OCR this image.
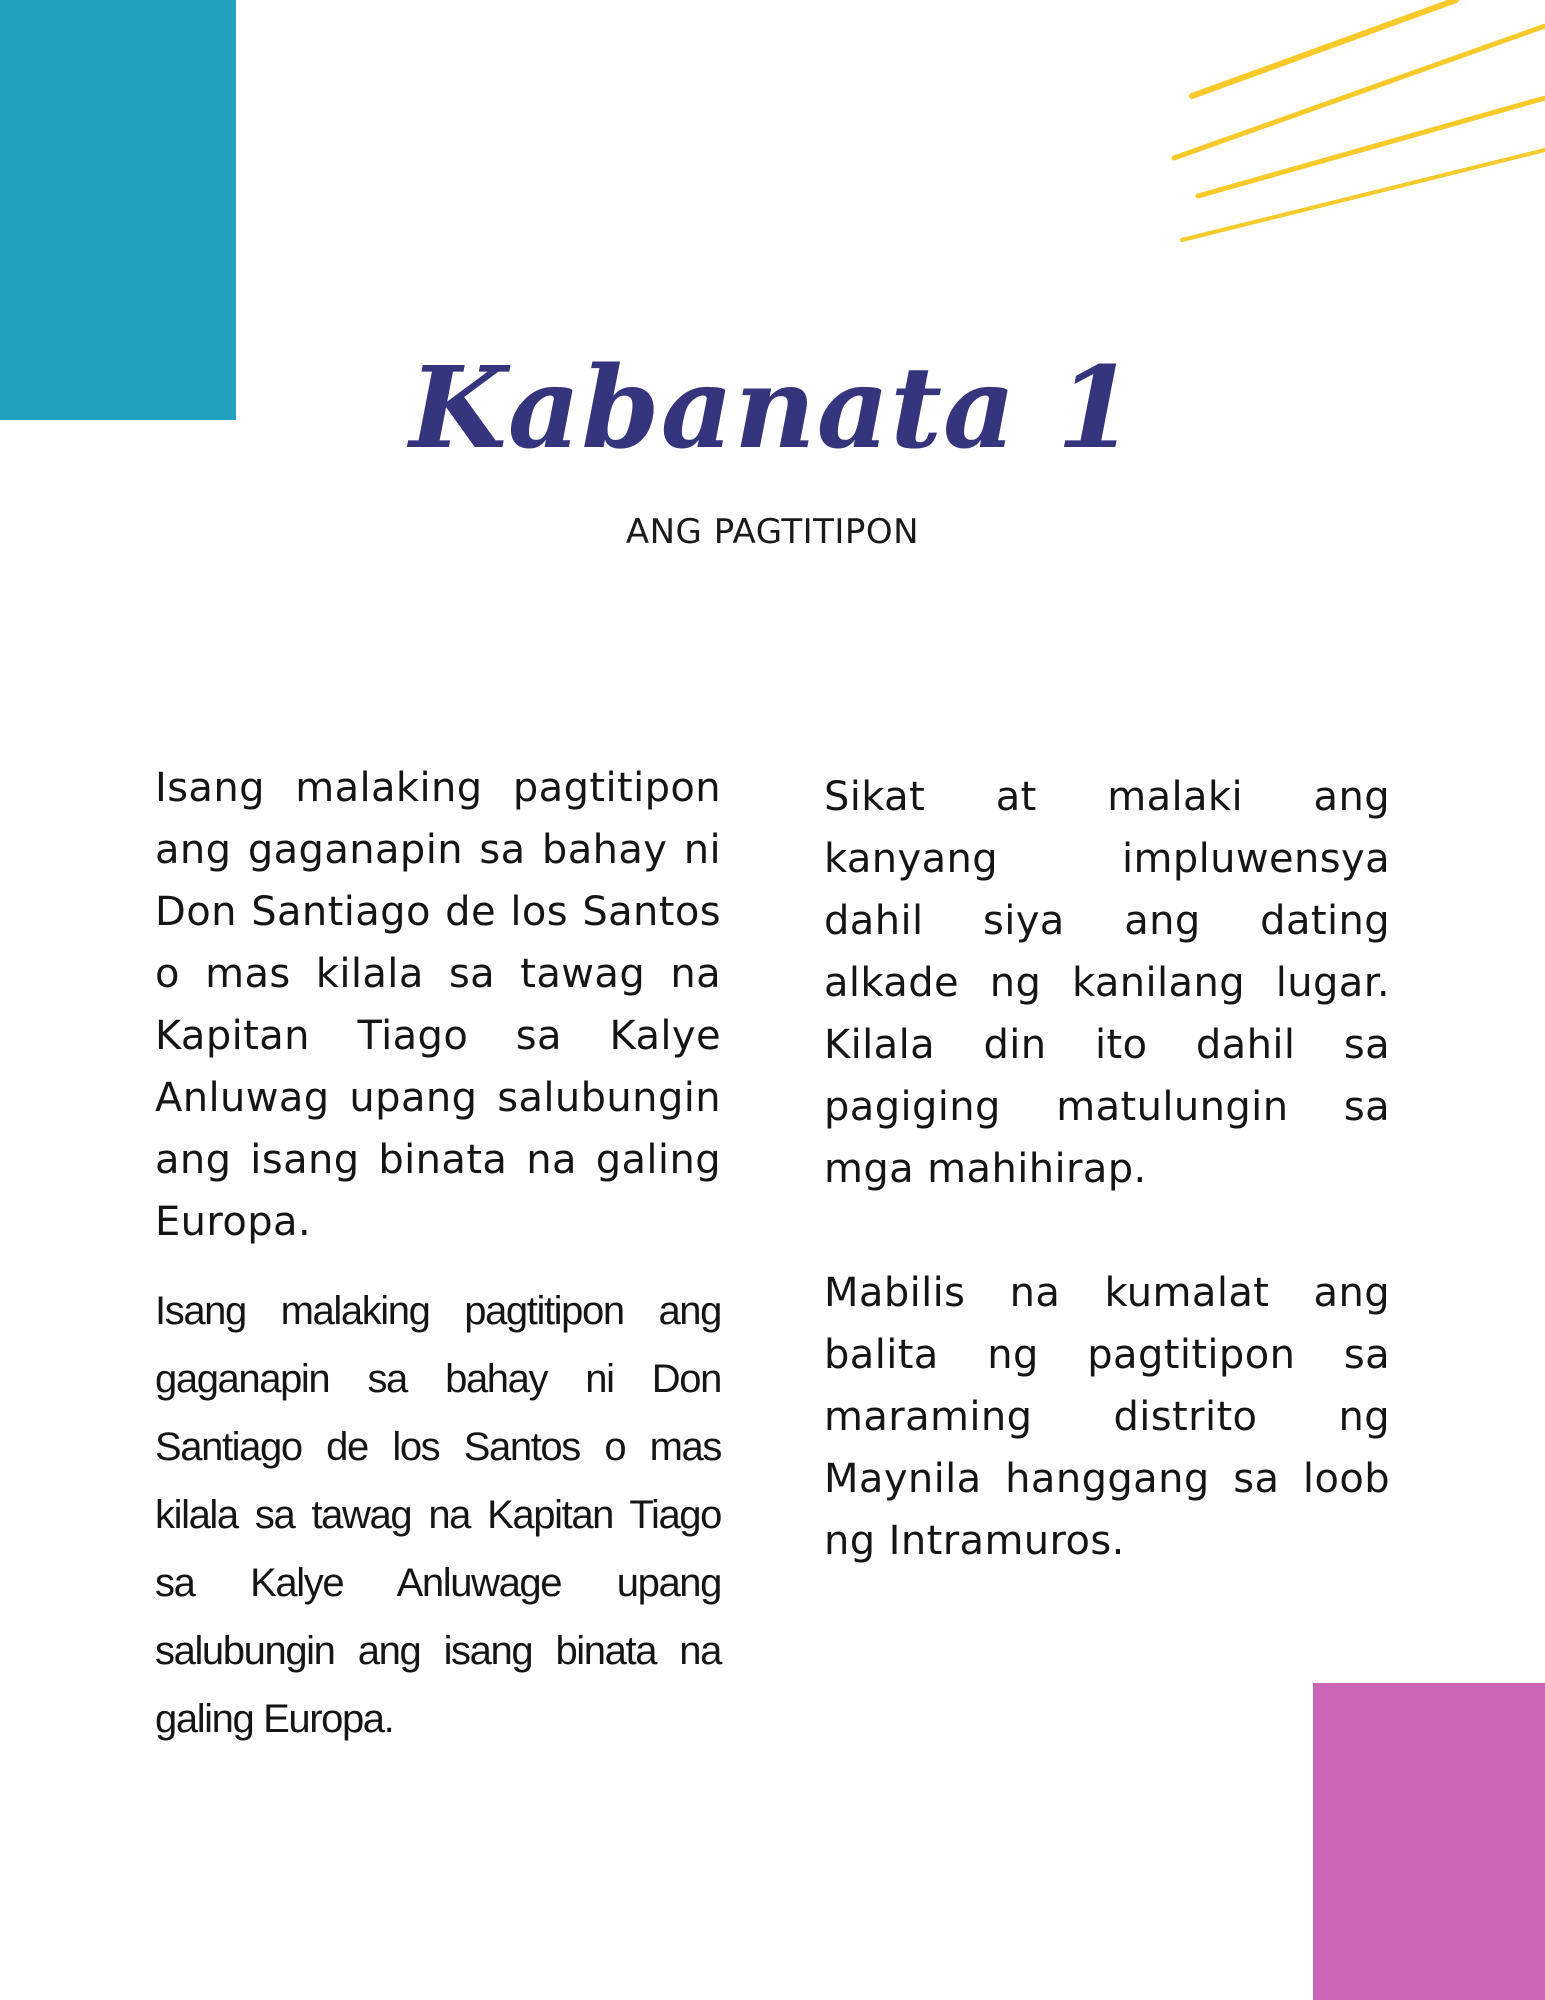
Kabanata 1
ANG PAGTITIPON

Isang malaking pagtitipon ang gaganapin sa bahay ni Don Santiago de los Santos o mas kilala sa tawag na Kapitan Tiago sa Kalye Anluwag upang salubungin ang isang binata na galing Europa.

Isang malaking pagtitipon ang gaganapin sa bahay ni Don Santiago de los Santos o mas kilala sa tawag na Kapitan Tiago sa Kalye Anluwage upang salubungin ang isang binata na galing Europa.

Sikat at malaki ang kanyang impluwensya dahil siya ang dating alkade ng kanilang lugar. Kilala din ito dahil sa pagiging matulungin sa mga mahihirap.

Mabilis na kumalat ang balita ng pagtitipon sa maraming distrito ng Maynila hanggang sa loob ng Intramuros.
